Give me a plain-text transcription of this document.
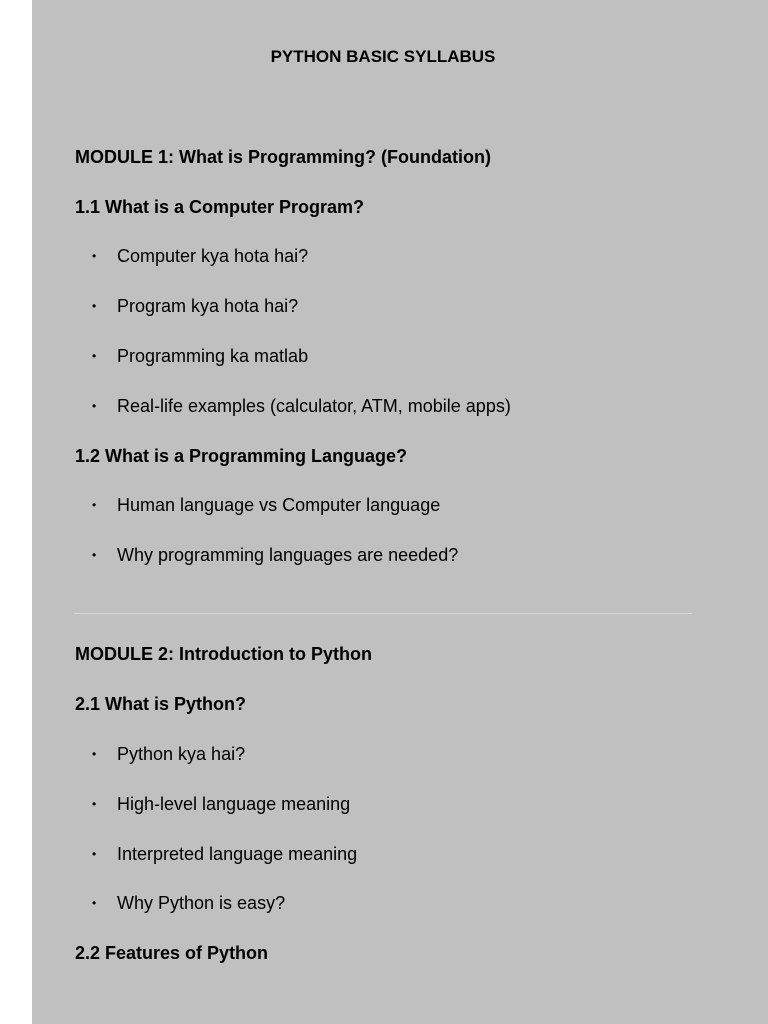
PYTHON BASIC SYLLABUS
MODULE 1: What is Programming? (Foundation)
1.1 What is a Computer Program?
•	Computer kya hota hai?
•	Program kya hota hai?
•	Programming ka matlab
•	Real-life examples (calculator, ATM, mobile apps)
1.2 What is a Programming Language?
•	Human language vs Computer language
•	Why programming languages are needed?
MODULE 2: Introduction to Python
2.1 What is Python?
•	Python kya hai?
•	High-level language meaning
•	Interpreted language meaning
•	Why Python is easy?
2.2 Features of Python
